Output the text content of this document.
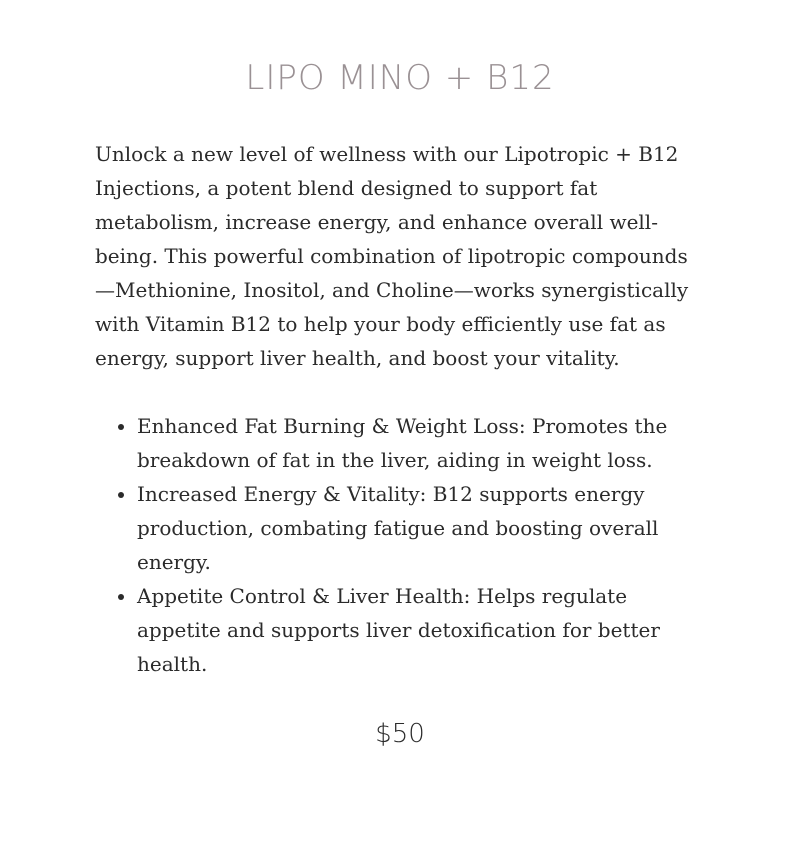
LIPO MINO + B12

Unlock a new level of wellness with our Lipotropic + B12 Injections, a potent blend designed to support fat metabolism, increase energy, and enhance overall well-being. This powerful combination of lipotropic compounds—Methionine, Inositol, and Choline—works synergistically with Vitamin B12 to help your body efficiently use fat as energy, support liver health, and boost your vitality.

• Enhanced Fat Burning & Weight Loss: Promotes the breakdown of fat in the liver, aiding in weight loss.
• Increased Energy & Vitality: B12 supports energy production, combating fatigue and boosting overall energy.
• Appetite Control & Liver Health: Helps regulate appetite and supports liver detoxification for better health.
$50
